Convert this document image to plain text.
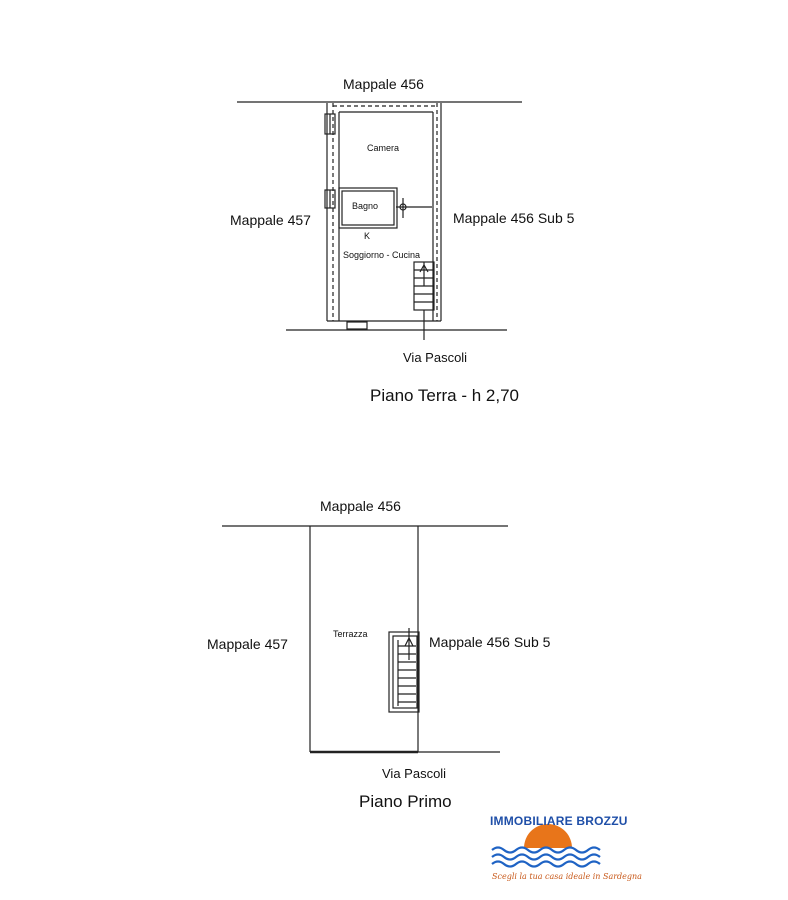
Mappale 456
Mappale 457	Mappale 456 Sub 5
Camera
Bagno
K
Soggiorno - Cucina
Via Pascoli
Piano Terra - h 2,70
Mappale 456
Mappale 457	Mappale 456 Sub 5
Terrazza
Via Pascoli
Piano Primo
IMMOBILIARE BROZZU
Scegli la tua casa ideale in Sardegna
